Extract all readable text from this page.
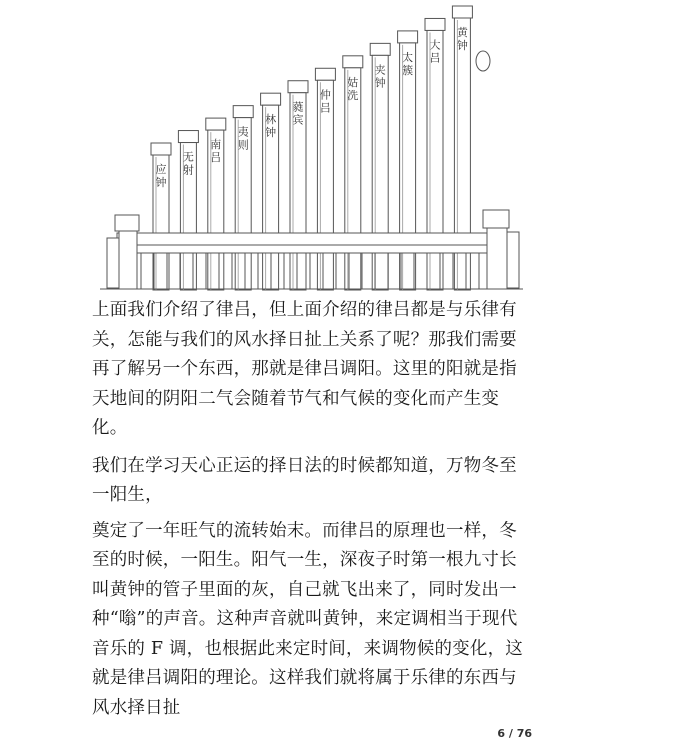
应
钟
无
射
南
吕
夷
则
林
钟
蕤
宾
仲
吕
姑
洗
夹
钟
太
簇
大
吕
黄
钟

上面我们介绍了律吕，但上面介绍的律吕都是与乐律有关，怎能与我们的风水择日扯上关系了呢？那我们需要再了解另一个东西，那就是律吕调阳。这里的阳就是指天地间的阴阳二气会随着节气和气候的变化而产生变化。

我们在学习天心正运的择日法的时候都知道，万物冬至一阳生，

奠定了一年旺气的流转始末。而律吕的原理也一样，冬至的时候，一阳生。阳气一生，深夜子时第一根九寸长叫黄钟的管子里面的灰，自己就飞出来了，同时发出一种“嗡”的声音。这种声音就叫黄钟，来定调相当于现代音乐的 F 调，也根据此来定时间，来调物候的变化，这就是律吕调阳的理论。这样我们就将属于乐律的东西与风水择日扯

6 / 76
